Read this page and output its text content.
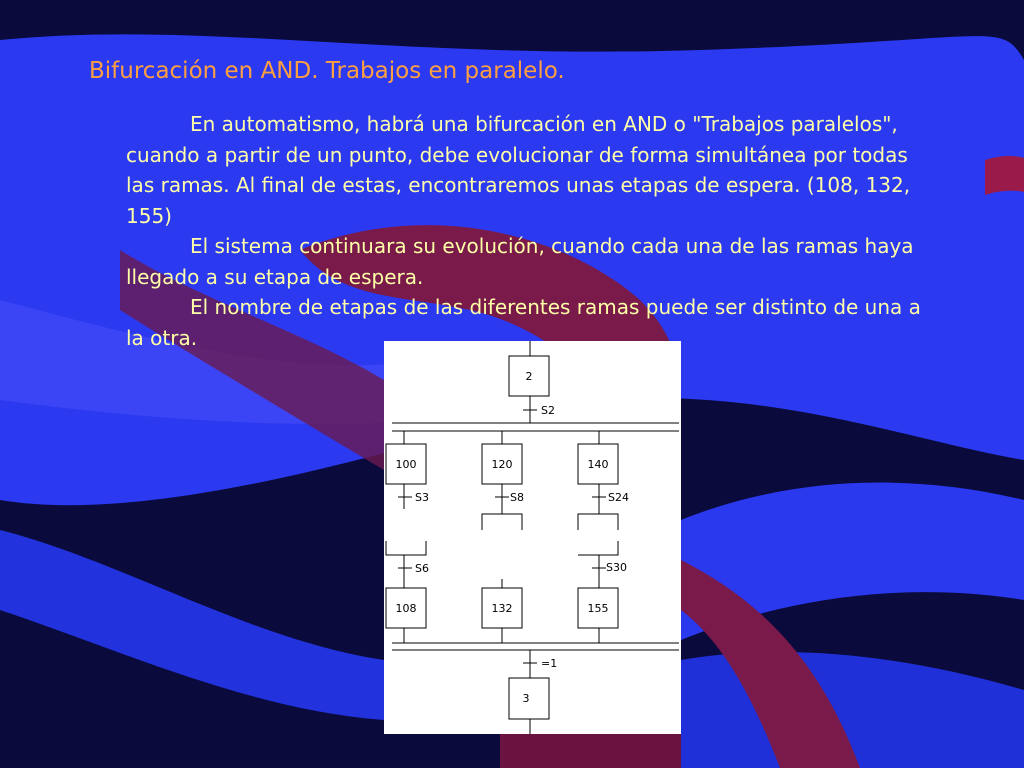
Bifurcación en AND. Trabajos en paralelo.

En automatismo, habrá una bifurcación en AND o "Trabajos paralelos", cuando a partir de un punto, debe evolucionar de forma simultánea por todas las ramas. Al final de estas, encontraremos unas etapas de espera. (108, 132, 155)

El sistema continuara su evolución, cuando cada una de las ramas haya llegado a su etapa de espera.

El nombre de etapas de las diferentes ramas puede ser distinto de una a la otra.

2
S2
100	120	140
S3	S8	S24
S6	S30
108	132	155
=1
3
